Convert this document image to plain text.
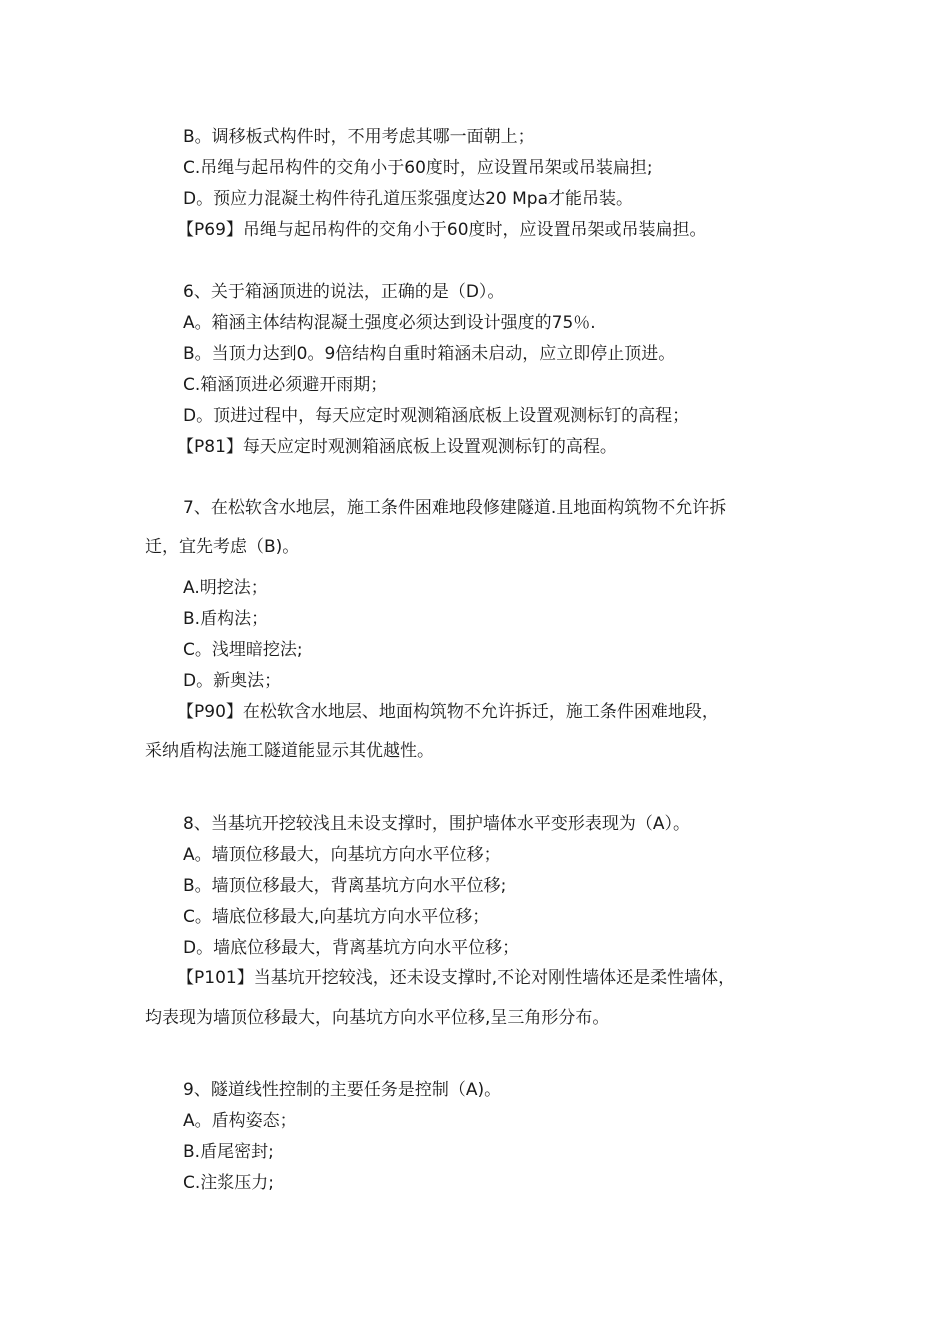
B。调移板式构件时，不用考虑其哪一面朝上；
C.吊绳与起吊构件的交角小于60度时，应设置吊架或吊装扁担;
D。预应力混凝土构件待孔道压浆强度达20 Mpa才能吊装。
【P69】吊绳与起吊构件的交角小于60度时，应设置吊架或吊装扁担。
6、关于箱涵顶进的说法，正确的是（D）。
A。箱涵主体结构混凝土强度必须达到设计强度的75％.
B。当顶力达到0。9倍结构自重时箱涵未启动，应立即停止顶进。
C.箱涵顶进必须避开雨期；
D。顶进过程中，每天应定时观测箱涵底板上设置观测标钉的高程；
【P81】每天应定时观测箱涵底板上设置观测标钉的高程。
7、在松软含水地层，施工条件困难地段修建隧道.且地面构筑物不允许拆
迁，宜先考虑（B)。
A.明挖法；
B.盾构法；
C。浅埋暗挖法;
D。新奥法；
【P90】在松软含水地层、地面构筑物不允许拆迁，施工条件困难地段，
采纳盾构法施工隧道能显示其优越性。
8、当基坑开挖较浅且未设支撑时，围护墙体水平变形表现为（A）。
A。墙顶位移最大，向基坑方向水平位移；
B。墙顶位移最大，背离基坑方向水平位移;
C。墙底位移最大,向基坑方向水平位移；
D。墙底位移最大，背离基坑方向水平位移；
【P101】当基坑开挖较浅，还未设支撑时,不论对刚性墙体还是柔性墙体，
均表现为墙顶位移最大，向基坑方向水平位移,呈三角形分布。
9、隧道线性控制的主要任务是控制（A)。
A。盾构姿态；
B.盾尾密封;
C.注浆压力;
